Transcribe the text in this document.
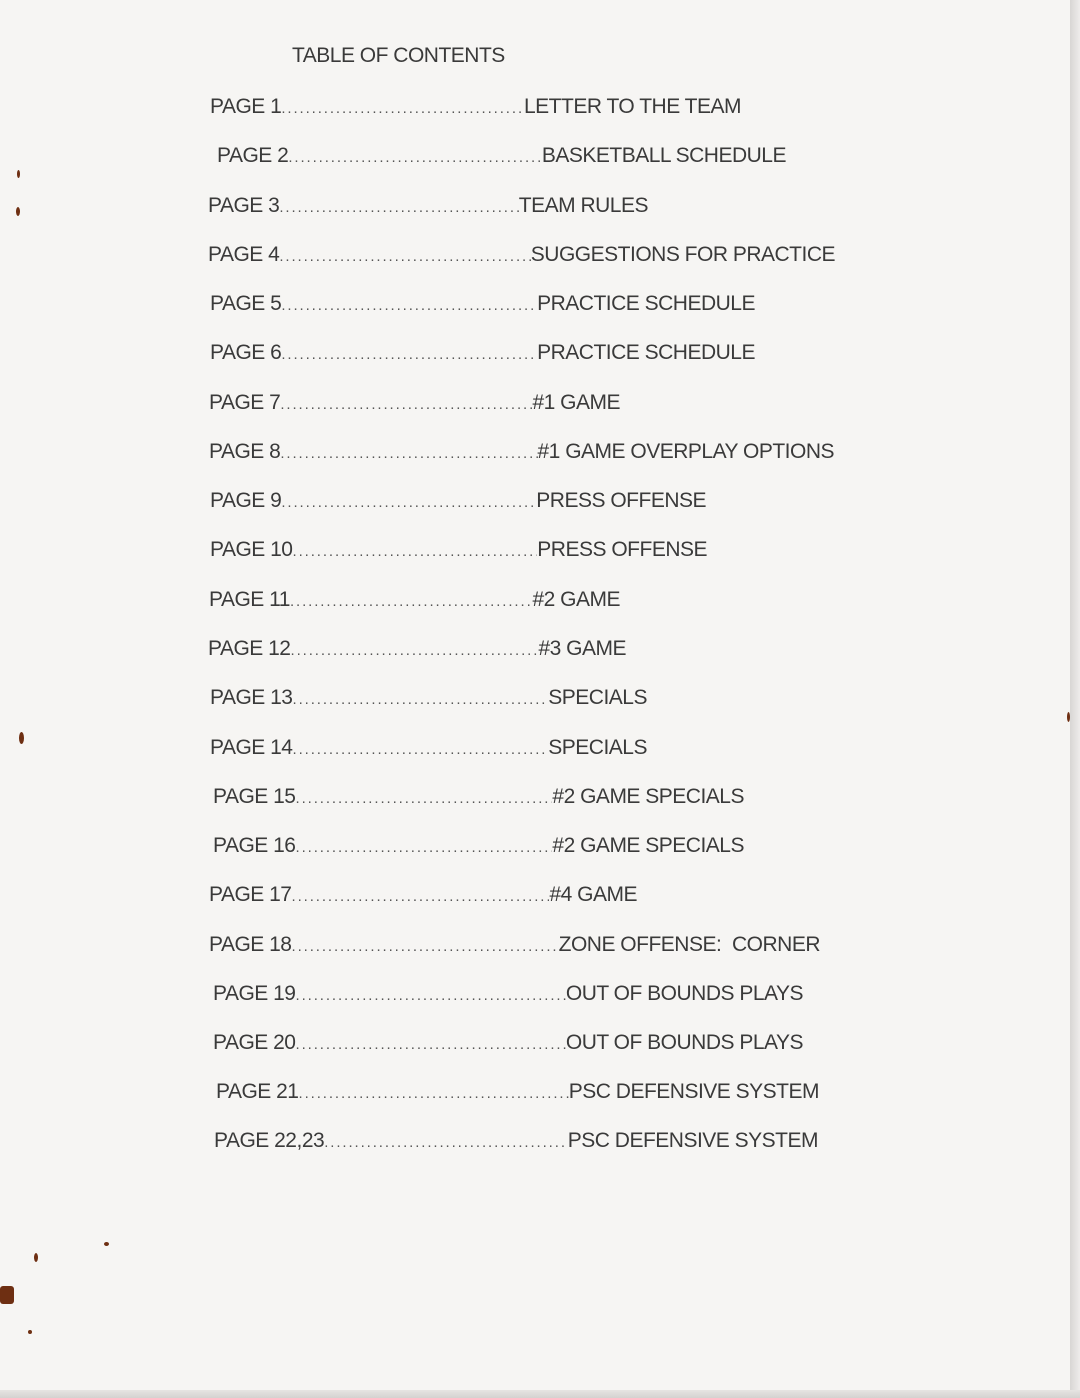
TABLE OF CONTENTS
PAGE 1 .....	LETTER TO THE TEAM
PAGE 2 .....	BASKETBALL SCHEDULE
PAGE 3 .....	TEAM RULES
PAGE 4 .....	SUGGESTIONS FOR PRACTICE
PAGE 5 .....	PRACTICE SCHEDULE
PAGE 6 .....	PRACTICE SCHEDULE
PAGE 7 .....	#1 GAME
PAGE 8 .....	#1 GAME OVERPLAY OPTIONS
PAGE 9 .....	PRESS OFFENSE
PAGE 10 .....	PRESS OFFENSE
PAGE 11 .....	#2 GAME
PAGE 12 .....	#3 GAME
PAGE 13 .....	SPECIALS
PAGE 14 .....	SPECIALS
PAGE 15 .....	#2 GAME SPECIALS
PAGE 16 .....	#2 GAME SPECIALS
PAGE 17 .....	#4 GAME
PAGE 18 .....	ZONE OFFENSE:  CORNER
PAGE 19 .....	OUT OF BOUNDS PLAYS
PAGE 20 .....	OUT OF BOUNDS PLAYS
PAGE 21 .....	PSC DEFENSIVE SYSTEM
PAGE 22,23 .....	PSC DEFENSIVE SYSTEM
